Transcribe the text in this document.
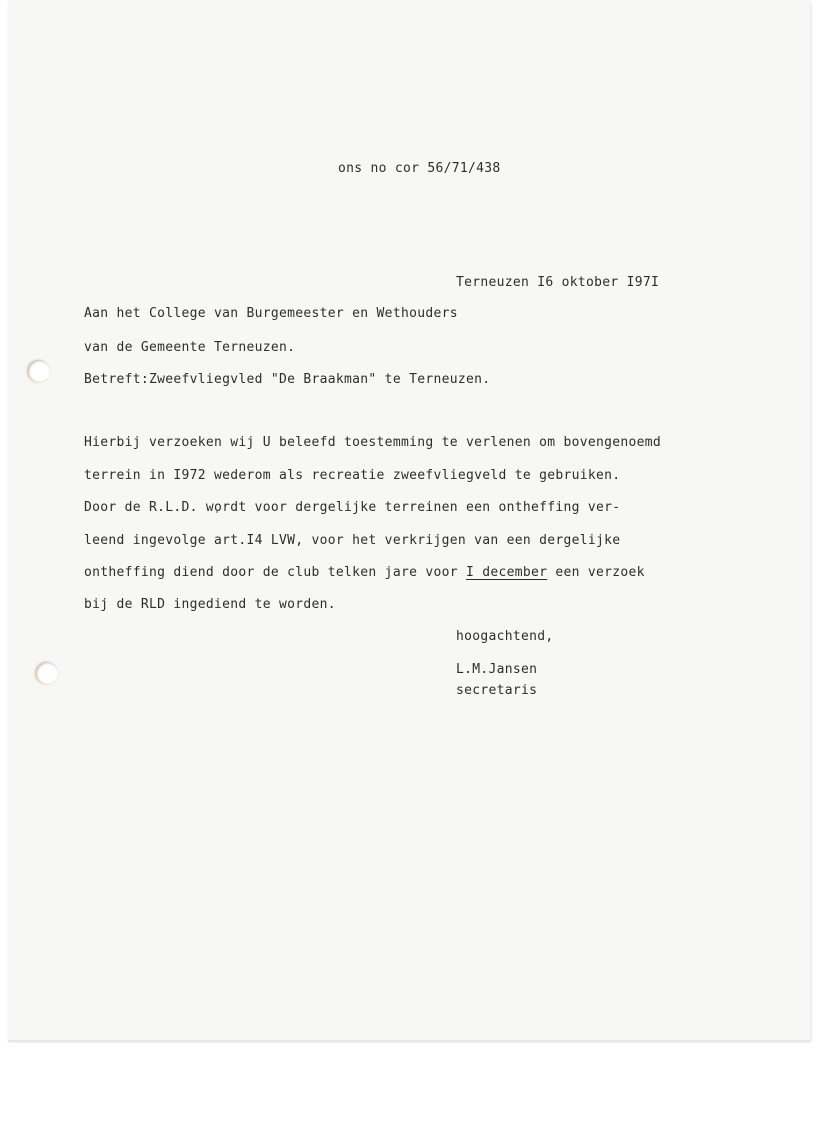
ons no cor 56/71/438
Terneuzen I6 oktober I97I
Aan het College van Burgemeester en Wethouders
van de Gemeente Terneuzen.
Betreft:Zweefvliegvled "De Braakman" te Terneuzen.
Hierbij verzoeken wij U beleefd toestemming te verlenen om bovengenoemd
terrein in I972 wederom als recreatie zweefvliegveld te gebruiken.
Door de R.L.D. wordt voor dergelijke terreinen een ontheffing ver-
leend ingevolge art.I4 LVW, voor het verkrijgen van een dergelijke
ontheffing diend door de club telken jare voor I december een verzoek
bij de RLD ingediend te worden.
hoogachtend,
L.M.Jansen
secretaris
